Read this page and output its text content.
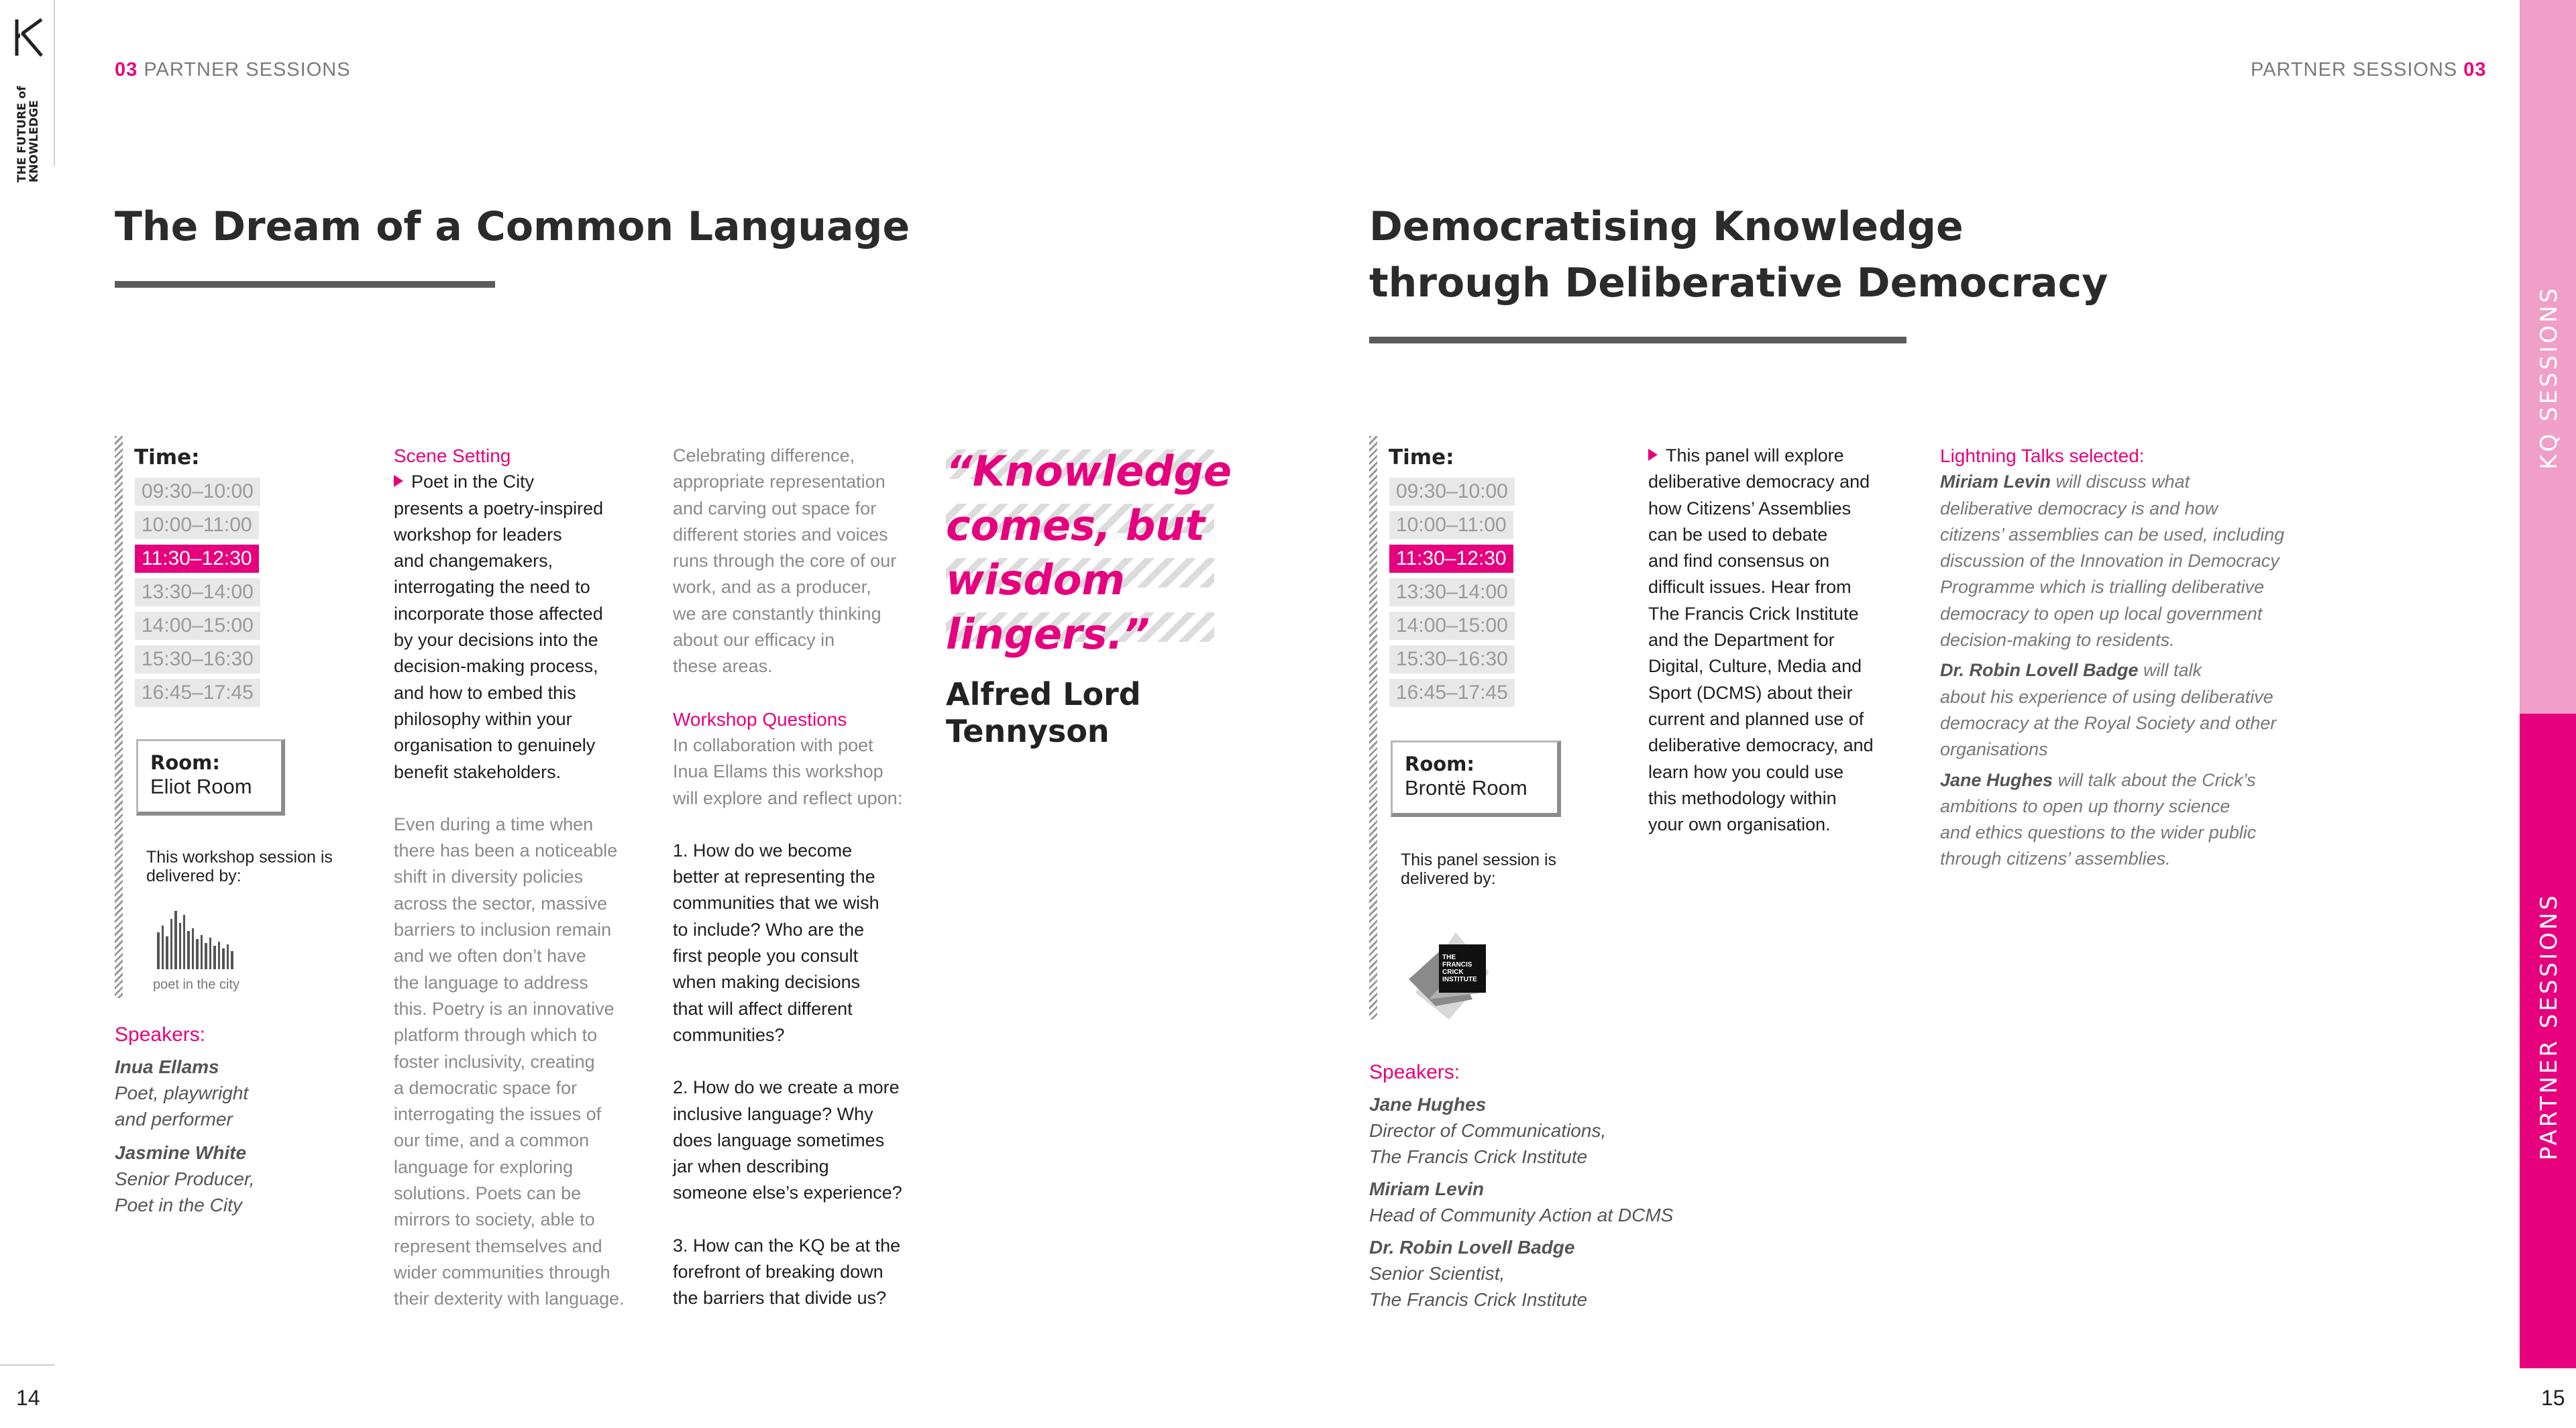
THE FUTURE of
KNOWLEDGE
03 PARTNER SESSIONS
The Dream of a Common Language
Time:
09:30–10:00
10:00–11:00
11:30–12:30
13:30–14:00
14:00–15:00
15:30–16:30
16:45–17:45
Room:
Eliot Room
This workshop session is delivered by:
poet in the city
Speakers:
Inua Ellams
Poet, playwright
and performer
Jasmine White
Senior Producer,
Poet in the City
Scene Setting
Poet in the City
presents a poetry-inspired
workshop for leaders
and changemakers,
interrogating the need to
incorporate those affected
by your decisions into the
decision-making process,
and how to embed this
philosophy within your
organisation to genuinely
benefit stakeholders.
Even during a time when
there has been a noticeable
shift in diversity policies
across the sector, massive
barriers to inclusion remain
and we often don’t have
the language to address
this. Poetry is an innovative
platform through which to
foster inclusivity, creating
a democratic space for
interrogating the issues of
our time, and a common
language for exploring
solutions. Poets can be
mirrors to society, able to
represent themselves and
wider communities through
their dexterity with language.
Celebrating difference,
appropriate representation
and carving out space for
different stories and voices
runs through the core of our
work, and as a producer,
we are constantly thinking
about our efficacy in
these areas.
Workshop Questions
In collaboration with poet
Inua Ellams this workshop
will explore and reflect upon:
1. How do we become
better at representing the
communities that we wish
to include? Who are the
first people you consult
when making decisions
that will affect different
communities?
2. How do we create a more
inclusive language? Why
does language sometimes
jar when describing
someone else’s experience?
3. How can the KQ be at the
forefront of breaking down
the barriers that divide us?
“Knowledge
comes, but
wisdom
lingers.”
Alfred Lord
Tennyson
14
PARTNER SESSIONS 03
Democratising Knowledge
through Deliberative Democracy
Time:
09:30–10:00
10:00–11:00
11:30–12:30
13:30–14:00
14:00–15:00
15:30–16:30
16:45–17:45
Room:
Brontë Room
This panel session is delivered by:
THE FRANCIS CRICK INSTITUTE
Speakers:
Jane Hughes
Director of Communications,
The Francis Crick Institute
Miriam Levin
Head of Community Action at DCMS
Dr. Robin Lovell Badge
Senior Scientist,
The Francis Crick Institute
This panel will explore
deliberative democracy and
how Citizens’ Assemblies
can be used to debate
and find consensus on
difficult issues. Hear from
The Francis Crick Institute
and the Department for
Digital, Culture, Media and
Sport (DCMS) about their
current and planned use of
deliberative democracy, and
learn how you could use
this methodology within
your own organisation.
Lightning Talks selected:
Miriam Levin will discuss what
deliberative democracy is and how
citizens’ assemblies can be used, including
discussion of the Innovation in Democracy
Programme which is trialling deliberative
democracy to open up local government
decision-making to residents.
Dr. Robin Lovell Badge will talk
about his experience of using deliberative
democracy at the Royal Society and other
organisations
Jane Hughes will talk about the Crick’s
ambitions to open up thorny science
and ethics questions to the wider public
through citizens’ assemblies.
KQ SESSIONS
PARTNER SESSIONS
15
